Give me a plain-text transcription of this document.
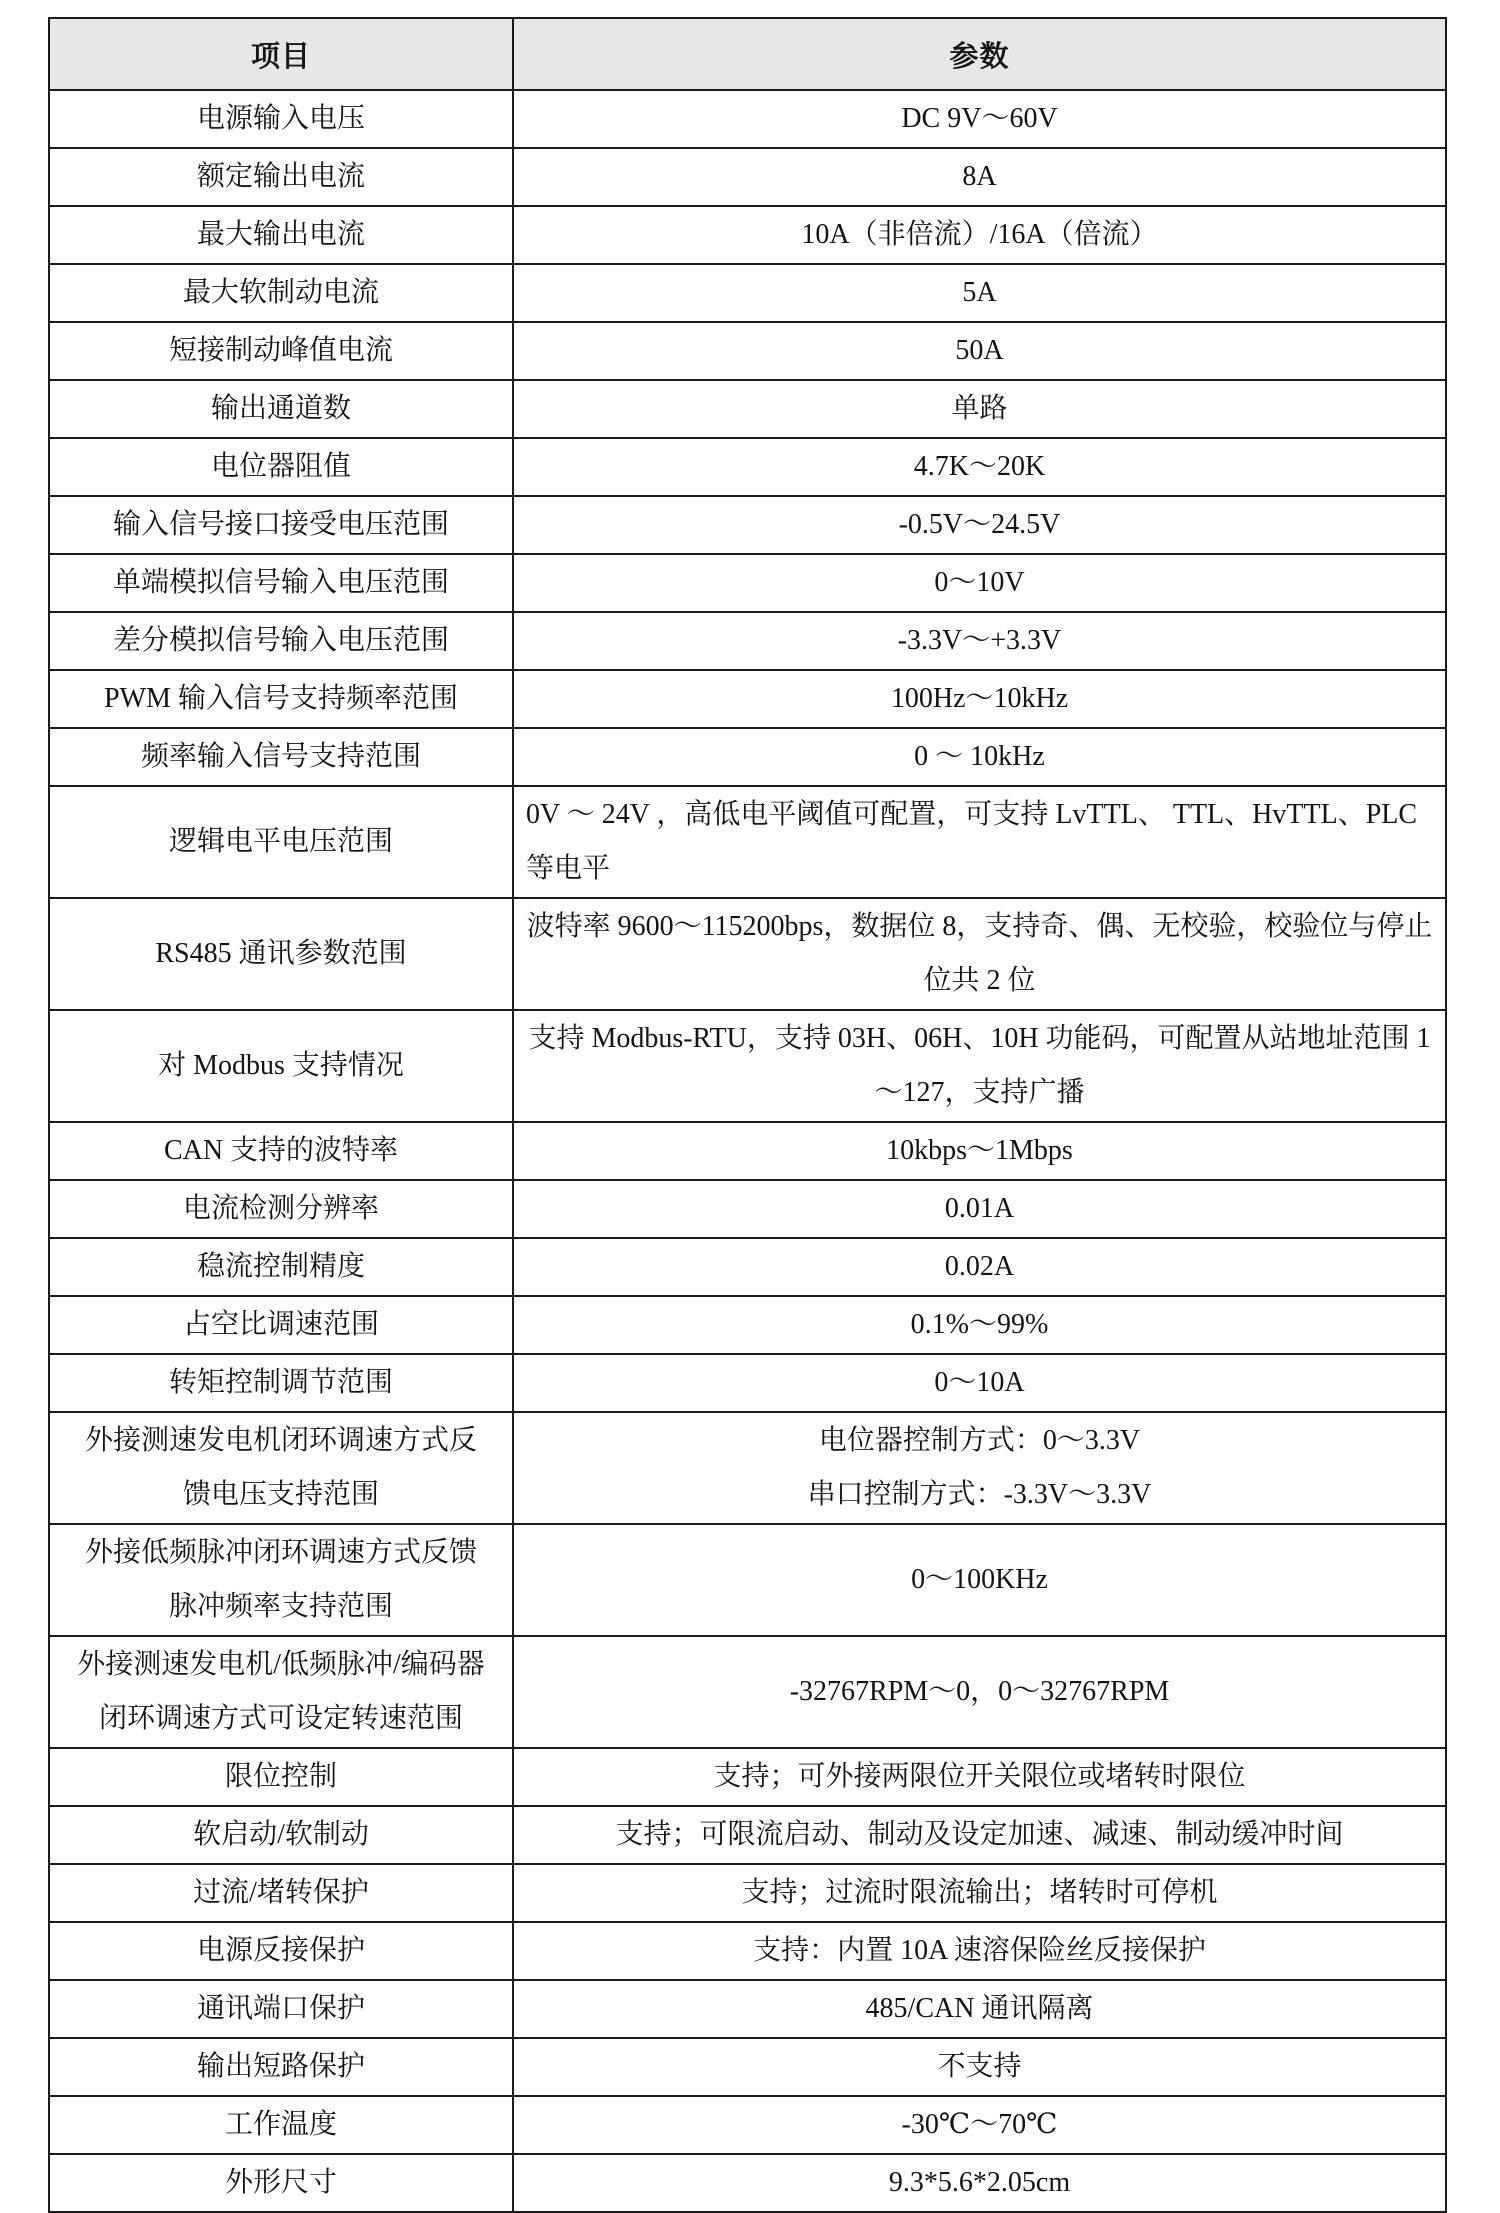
项目	参数
电源输入电压	DC 9V～60V
额定输出电流	8A
最大输出电流	10A（非倍流）/16A（倍流）
最大软制动电流	5A
短接制动峰值电流	50A
输出通道数	单路
电位器阻值	4.7K～20K
输入信号接口接受电压范围	-0.5V～24.5V
单端模拟信号输入电压范围	0～10V
差分模拟信号输入电压范围	-3.3V～+3.3V
PWM 输入信号支持频率范围	100Hz～10kHz
频率输入信号支持范围	0 ～ 10kHz
逻辑电平电压范围	0V ～ 24V ，高低电平阈值可配置，可支持 LvTTL、 TTL、HvTTL、PLC 等电平
RS485 通讯参数范围	波特率 9600～115200bps，数据位 8，支持奇、偶、无校验，校验位与停止位共 2 位
对 Modbus 支持情况	支持 Modbus-RTU，支持 03H、06H、10H 功能码，可配置从站地址范围 1～127，支持广播
CAN 支持的波特率	10kbps～1Mbps
电流检测分辨率	0.01A
稳流控制精度	0.02A
占空比调速范围	0.1%～99%
转矩控制调节范围	0～10A
外接测速发电机闭环调速方式反馈电压支持范围	电位器控制方式：0～3.3V
串口控制方式：-3.3V～3.3V

外接低频脉冲闭环调速方式反馈脉冲频率支持范围	0～100KHz
外接测速发电机/低频脉冲/编码器闭环调速方式可设定转速范围	-32767RPM～0，0～32767RPM
限位控制	支持；可外接两限位开关限位或堵转时限位
软启动/软制动	支持；可限流启动、制动及设定加速、减速、制动缓冲时间
过流/堵转保护	支持；过流时限流输出；堵转时可停机
电源反接保护	支持：内置 10A 速溶保险丝反接保护
通讯端口保护	485/CAN 通讯隔离
输出短路保护	不支持
工作温度	-30℃～70℃
外形尺寸	9.3*5.6*2.05cm
